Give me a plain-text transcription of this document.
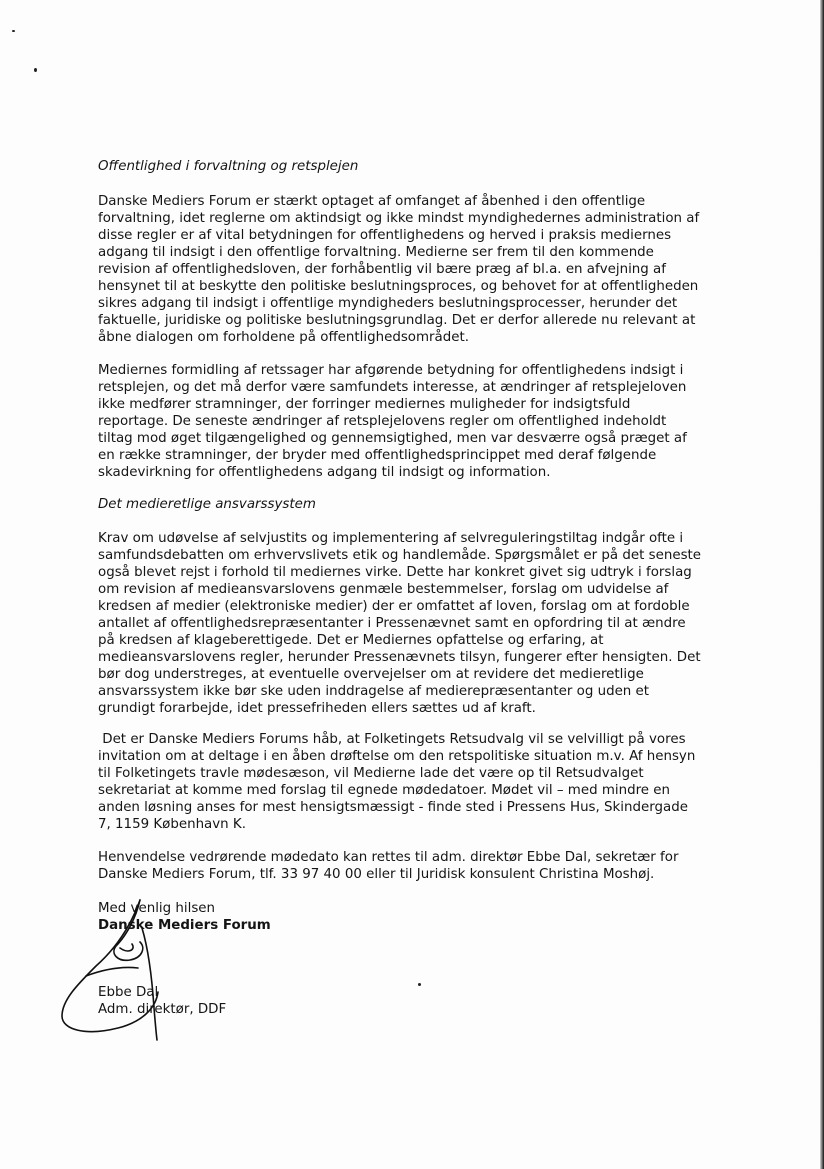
Offentlighed i forvaltning og retsplejen
Danske Mediers Forum er stærkt optaget af omfanget af åbenhed i den offentlige
forvaltning, idet reglerne om aktindsigt og ikke mindst myndighedernes administration af
disse regler er af vital betydningen for offentlighedens og herved i praksis mediernes
adgang til indsigt i den offentlige forvaltning. Medierne ser frem til den kommende
revision af offentlighedsloven, der forhåbentlig vil bære præg af bl.a. en afvejning af
hensynet til at beskytte den politiske beslutningsproces, og behovet for at offentligheden
sikres adgang til indsigt i offentlige myndigheders beslutningsprocesser, herunder det
faktuelle, juridiske og politiske beslutningsgrundlag. Det er derfor allerede nu relevant at
åbne dialogen om forholdene på offentlighedsområdet.
Mediernes formidling af retssager har afgørende betydning for offentlighedens indsigt i
retsplejen, og det må derfor være samfundets interesse, at ændringer af retsplejeloven
ikke medfører stramninger, der forringer mediernes muligheder for indsigtsfuld
reportage. De seneste ændringer af retsplejelovens regler om offentlighed indeholdt
tiltag mod øget tilgængelighed og gennemsigtighed, men var desværre også præget af
en række stramninger, der bryder med offentlighedsprincippet med deraf følgende
skadevirkning for offentlighedens adgang til indsigt og information.
Det medieretlige ansvarssystem
Krav om udøvelse af selvjustits og implementering af selvreguleringstiltag indgår ofte i
samfundsdebatten om erhvervslivets etik og handlemåde. Spørgsmålet er på det seneste
også blevet rejst i forhold til mediernes virke. Dette har konkret givet sig udtryk i forslag
om revision af medieansvarslovens genmæle bestemmelser, forslag om udvidelse af
kredsen af medier (elektroniske medier) der er omfattet af loven, forslag om at fordoble
antallet af offentlighedsrepræsentanter i Pressenævnet samt en opfordring til at ændre
på kredsen af klageberettigede. Det er Mediernes opfattelse og erfaring, at
medieansvarslovens regler, herunder Pressenævnets tilsyn, fungerer efter hensigten. Det
bør dog understreges, at eventuelle overvejelser om at revidere det medieretlige
ansvarssystem ikke bør ske uden inddragelse af medierepræsentanter og uden et
grundigt forarbejde, idet pressefriheden ellers sættes ud af kraft.
Det er Danske Mediers Forums håb, at Folketingets Retsudvalg vil se velvilligt på vores
invitation om at deltage i en åben drøftelse om den retspolitiske situation m.v. Af hensyn
til Folketingets travle mødesæson, vil Medierne lade det være op til Retsudvalget
sekretariat at komme med forslag til egnede mødedatoer. Mødet vil – med mindre en
anden løsning anses for mest hensigtsmæssigt - finde sted i Pressens Hus, Skindergade
7, 1159 København K.
Henvendelse vedrørende mødedato kan rettes til adm. direktør Ebbe Dal, sekretær for
Danske Mediers Forum, tlf. 33 97 40 00 eller til Juridisk konsulent Christina Moshøj.
Med venlig hilsen
Danske Mediers Forum
Ebbe Dal
Adm. direktør, DDF
